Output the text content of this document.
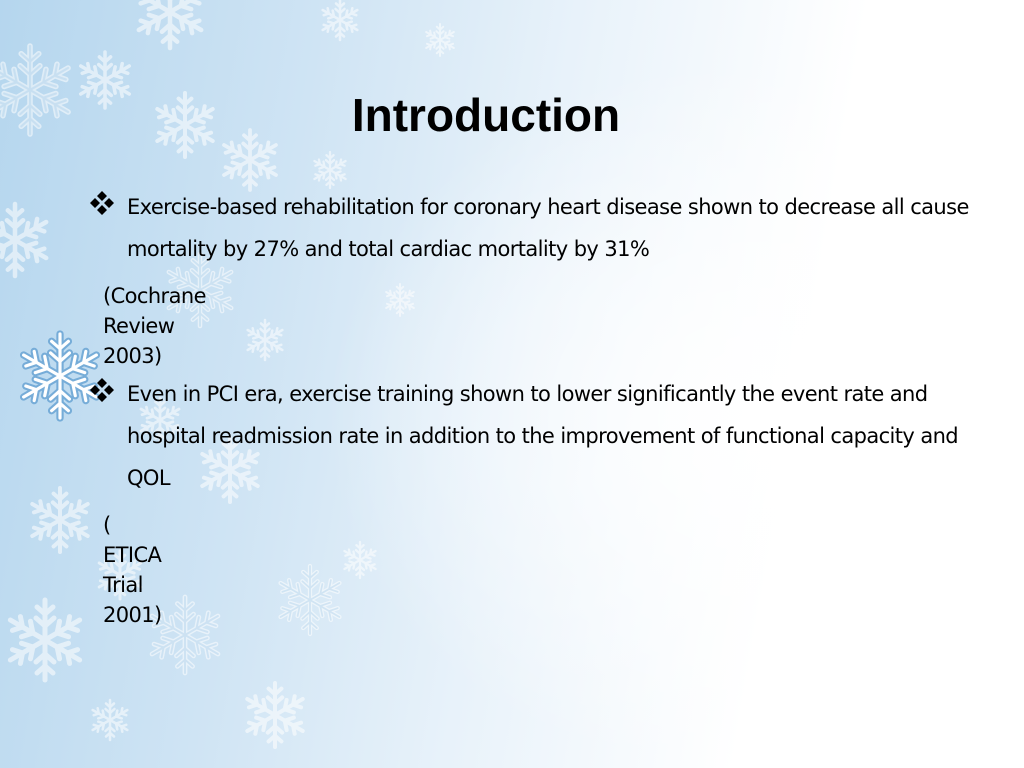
Introduction

Exercise-based rehabilitation for coronary heart disease shown to decrease all cause mortality by 27% and total cardiac mortality by 31%

(Cochrane Review 2003)

Even in PCI era, exercise training shown to lower significantly the event rate and hospital readmission rate in addition to the improvement of functional capacity and QOL

( ETICA Trial 2001)
